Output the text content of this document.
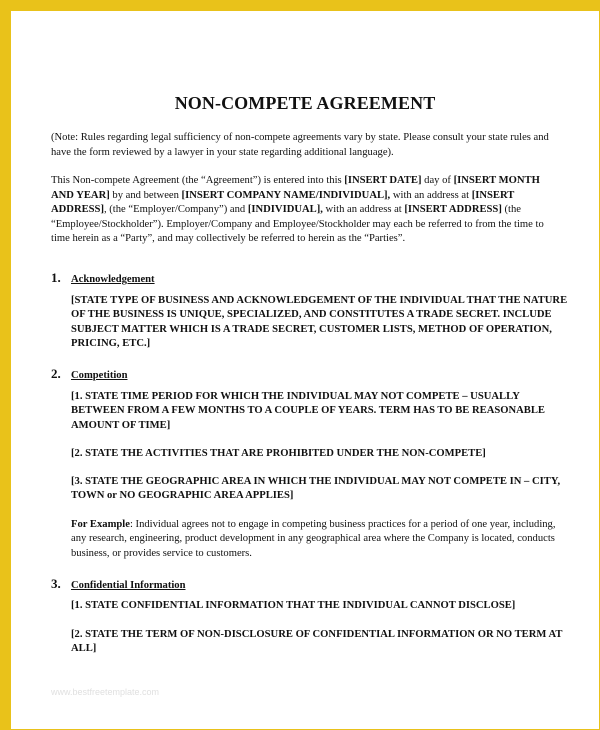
NON-COMPETE AGREEMENT
(Note: Rules regarding legal sufficiency of non-compete agreements vary by state. Please consult your state rules and have the form reviewed by a lawyer in your state regarding additional language).
This Non-compete Agreement (the “Agreement”) is entered into this [INSERT DATE] day of [INSERT MONTH AND YEAR] by and between [INSERT COMPANY NAME/INDIVIDUAL], with an address at [INSERT ADDRESS], (the “Employer/Company”) and [INDIVIDUAL], with an address at [INSERT ADDRESS] (the “Employee/Stockholder”). Employer/Company and Employee/Stockholder may each be referred to from the time to time herein as a “Party”, and may collectively be referred to herein as the “Parties”.
1. Acknowledgement
[STATE TYPE OF BUSINESS AND ACKNOWLEDGEMENT OF THE INDIVIDUAL THAT THE NATURE OF THE BUSINESS IS UNIQUE, SPECIALIZED, AND CONSTITUTES A TRADE SECRET. INCLUDE SUBJECT MATTER WHICH IS A TRADE SECRET, CUSTOMER LISTS, METHOD OF OPERATION, PRICING, ETC.]
2. Competition
[1. STATE TIME PERIOD FOR WHICH THE INDIVIDUAL MAY NOT COMPETE – USUALLY BETWEEN FROM A FEW MONTHS TO A COUPLE OF YEARS. TERM HAS TO BE REASONABLE AMOUNT OF TIME]
[2. STATE THE ACTIVITIES THAT ARE PROHIBITED UNDER THE NON-COMPETE]
[3. STATE THE GEOGRAPHIC AREA IN WHICH THE INDIVIDUAL MAY NOT COMPETE IN – CITY, TOWN or NO GEOGRAPHIC AREA APPLIES]
For Example: Individual agrees not to engage in competing business practices for a period of one year, including, any research, engineering, product development in any geographical area where the Company is located, conducts business, or provides service to customers.
3. Confidential Information
[1. STATE CONFIDENTIAL INFORMATION THAT THE INDIVIDUAL CANNOT DISCLOSE]
[2. STATE THE TERM OF NON-DISCLOSURE OF CONFIDENTIAL INFORMATION OR NO TERM AT ALL]
www.bestfreetemplate.com
